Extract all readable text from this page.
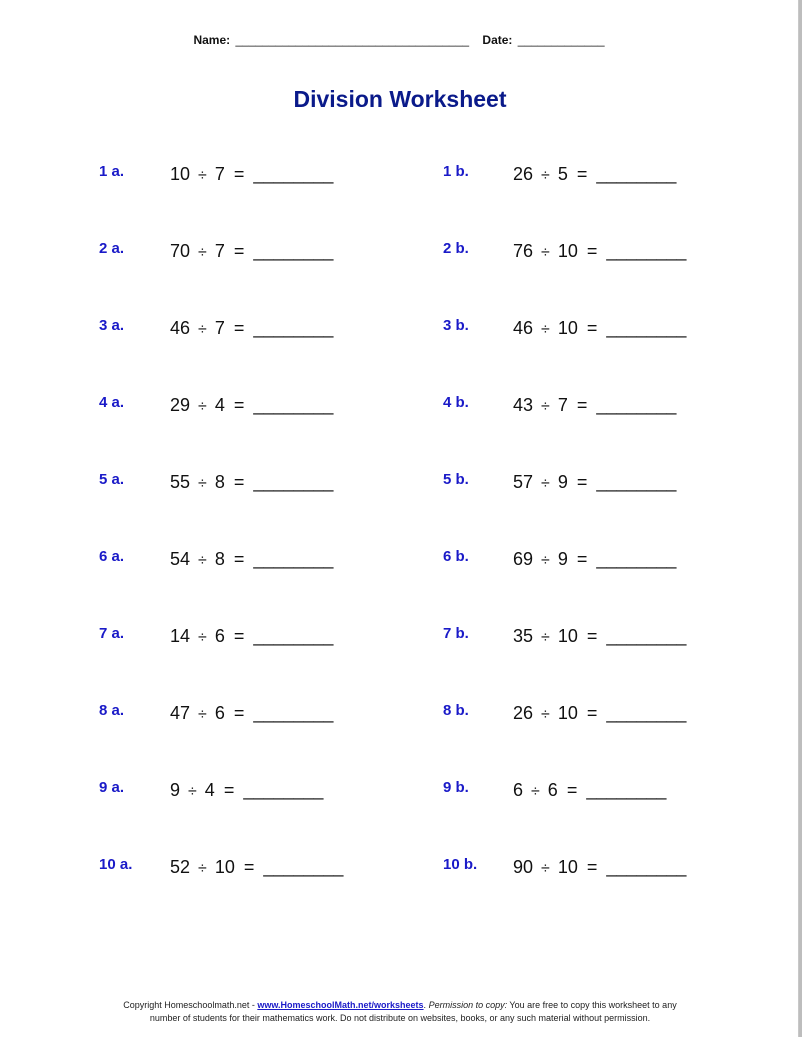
Name: ___________________________________ Date: _____________
Division Worksheet
1 a.	10 ÷ 7 = ________	1 b. 26 ÷ 5 = ________
2 a.	70 ÷ 7 = ________	2 b. 76 ÷ 10 = ________
3 a.	46 ÷ 7 = ________	3 b. 46 ÷ 10 = ________
4 a.	29 ÷ 4 = ________	4 b. 43 ÷ 7 = ________
5 a.	55 ÷ 8 = ________	5 b. 57 ÷ 9 = ________
6 a.	54 ÷ 8 = ________	6 b. 69 ÷ 9 = ________
7 a.	14 ÷ 6 = ________	7 b. 35 ÷ 10 = ________
8 a.	47 ÷ 6 = ________	8 b. 26 ÷ 10 = ________
9 a.	9 ÷ 4 = ________	9 b. 6 ÷ 6 = ________
10 a. 52 ÷ 10 = ________	10 b. 90 ÷ 10 = ________
Copyright Homeschoolmath.net - www.HomeschoolMath.net/worksheets. Permission to copy: You are free to copy this worksheet to any
number of students for their mathematics work. Do not distribute on websites, books, or any such material without permission.
